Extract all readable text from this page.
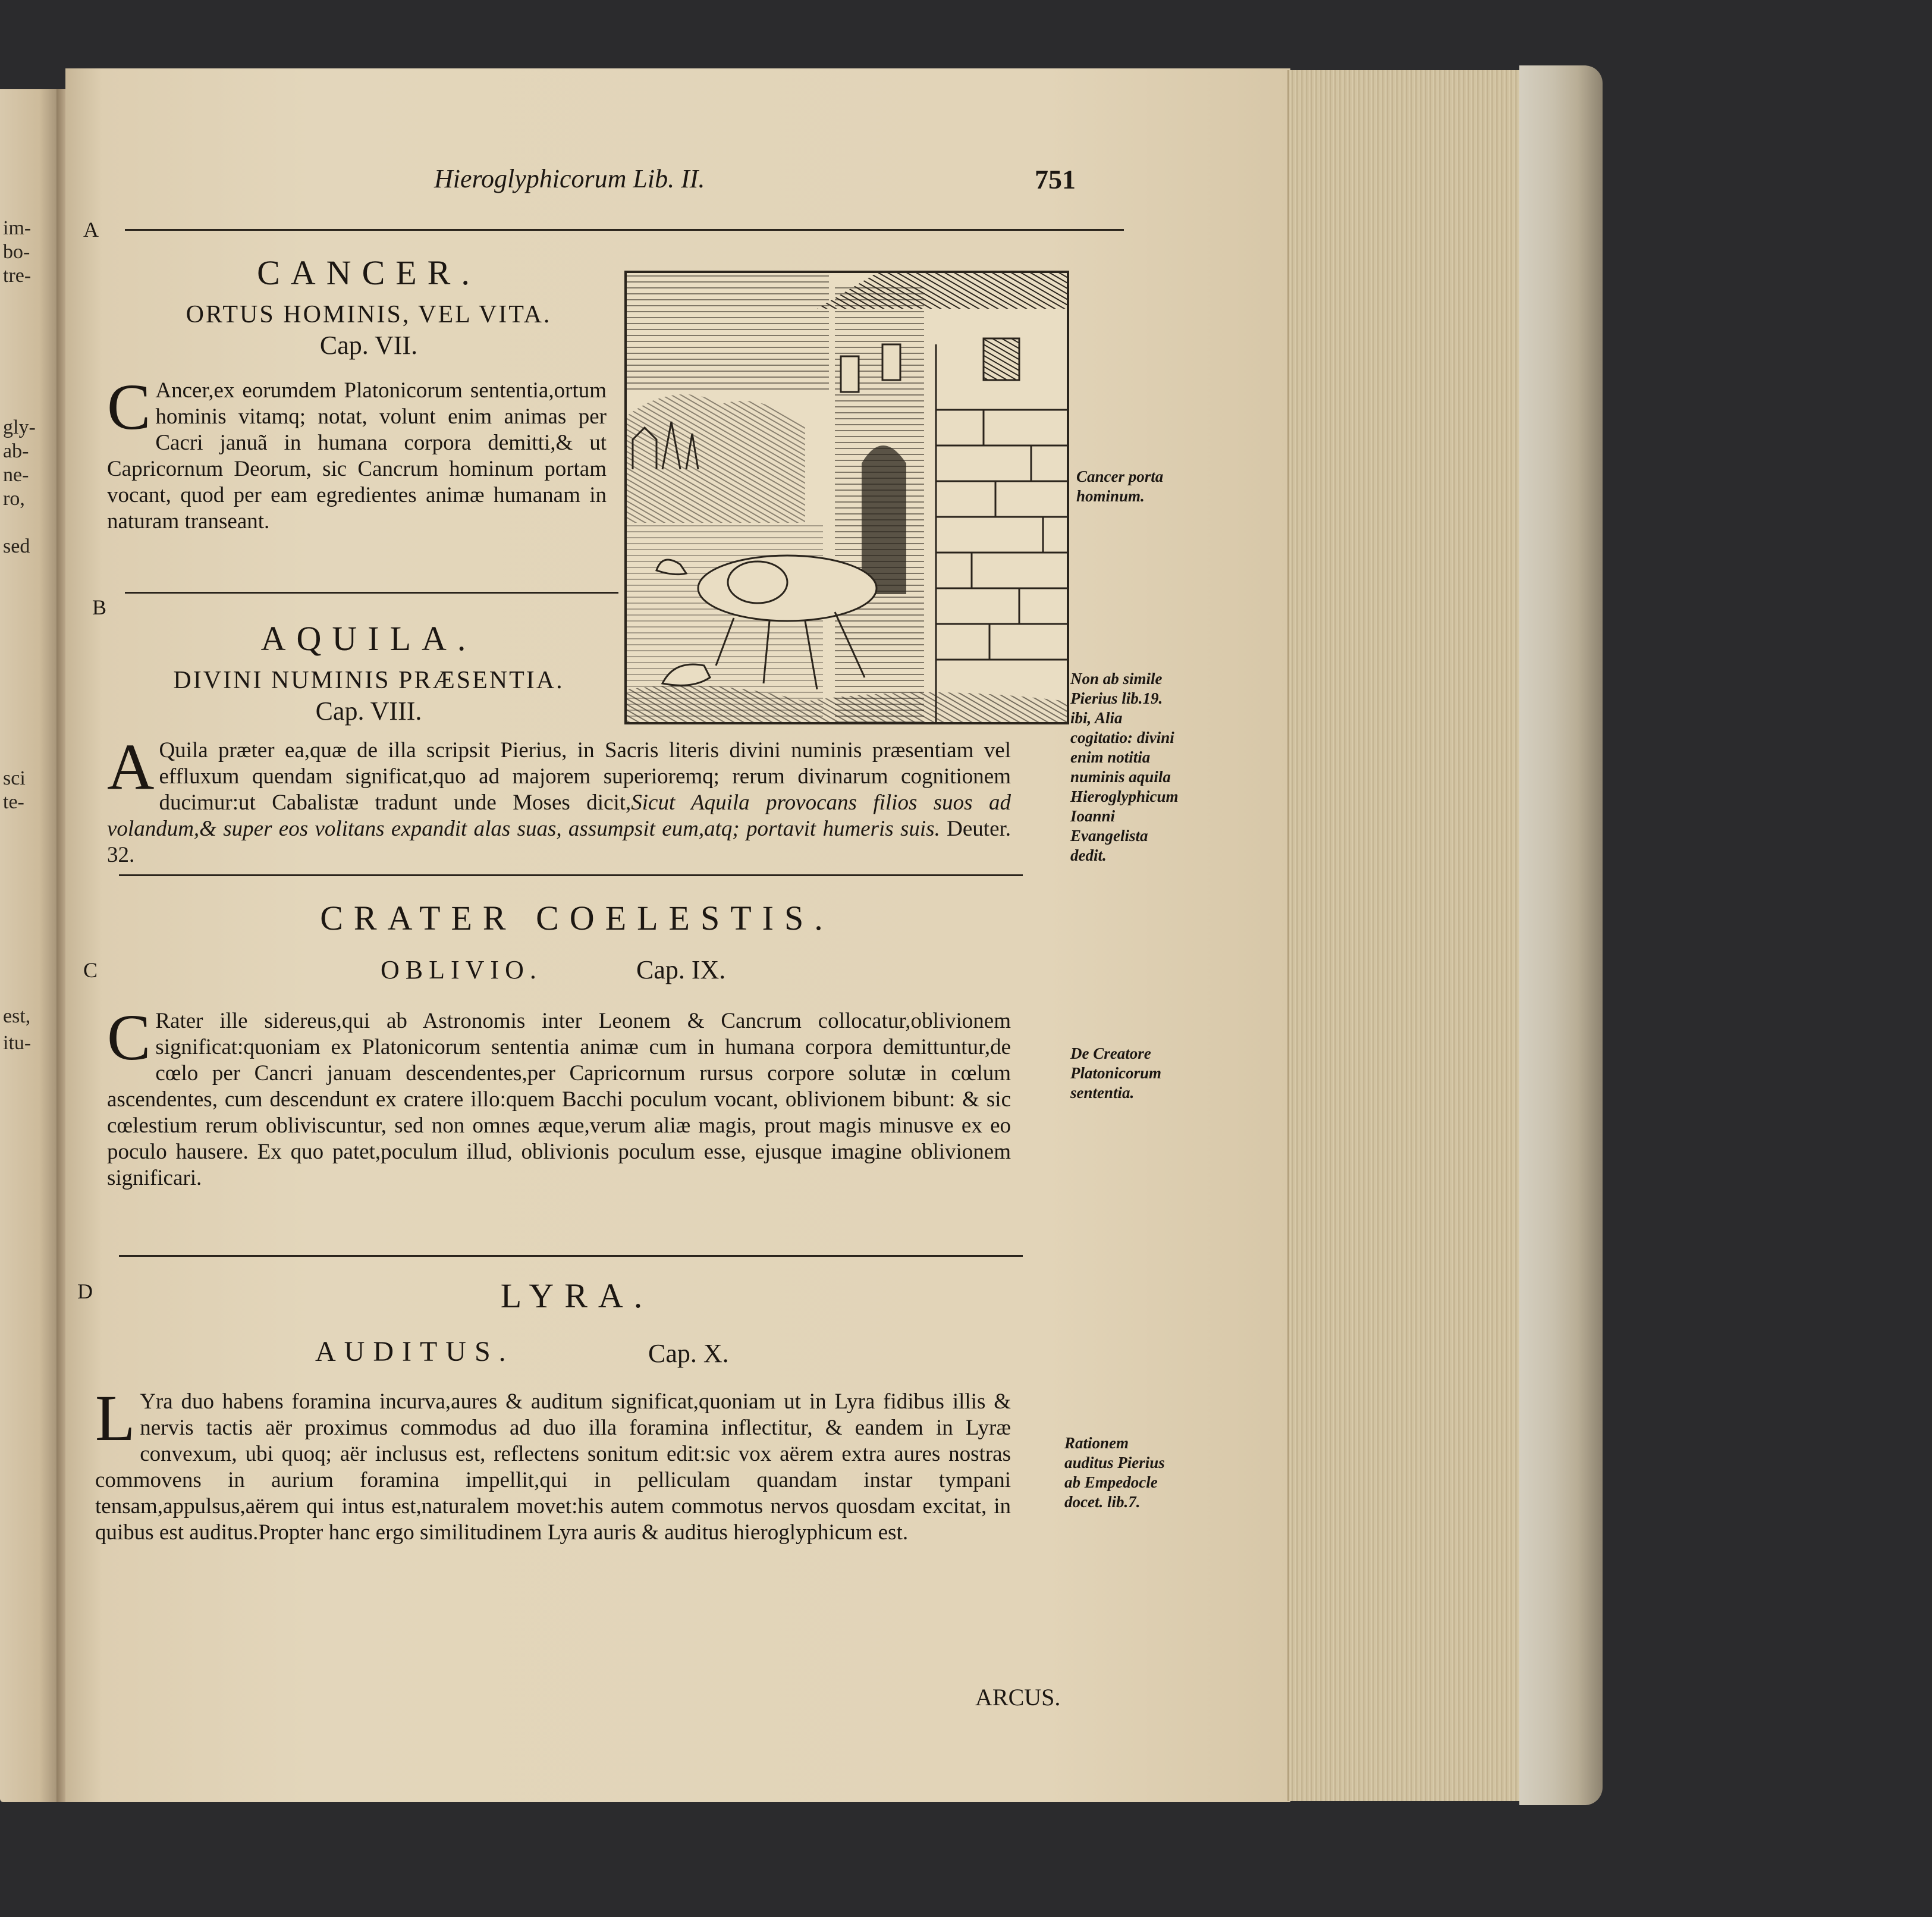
im-
bo-
tre-
gly-
ab-
ne-
ro,
sed
sci
te-
est,
itu-
Hieroglyphicorum Lib. II.	751
A
CANCER.
ORTUS HOMINIS, VEL VITA.
Cap. VII.

C Ancer,ex eorumdem Platonicorum sententia,ortum hominis vitamq; notat, volunt enim animas per Cacri januã in humana corpora demitti,& ut Capricornum Deorum, sic Cancrum hominum portam vocant, quod per eam egredientes animæ humanam in naturam transeant.

Cancer porta hominum.
B
AQUILA.
DIVINI NUMINIS PRÆSENTIA.
Cap. VIII.

A Quila præter ea,quæ de illa scripsit Pierius, in Sacris literis divini numinis præsentiam vel effluxum quendam significat,quo ad majorem superioremq; rerum divinarum cognitionem ducimur:ut Cabalistæ tradunt unde Moses dicit,Sicut Aquila provocans filios suos ad volandum,& super eos volitans expandit alas suas, assumpsit eum,atq; portavit humeris suis. Deuter. 32.

Non ab simile Pierius lib.19. ibi, Alia cogitatio: divini enim notitia numinis aquila Hieroglyphicum Ioanni Evangelista dedit.
CRATER COELESTIS.
C	OBLIVIO.	Cap. IX.

C Rater ille sidereus,qui ab Astronomis inter Leonem & Cancrum collocatur,oblivionem significat:quoniam ex Platonicorum sententia animæ cum in humana corpora demittuntur,de cœlo per Cancri januam descendentes,per Capricornum rursus corpore solutæ in cœlum ascendentes, cum descendunt ex cratere illo:quem Bacchi poculum vocant, oblivionem bibunt: & sic cœlestium rerum obliviscuntur, sed non omnes æque,verum aliæ magis, prout magis minusve ex eo poculo hausere. Ex quo patet,poculum illud, oblivionis poculum esse, ejusque imagine oblivionem significari.

De Creatore Platonicorum sententia.
D	LYRA.
AUDITUS.	Cap. X.

L Yra duo habens foramina incurva,aures & auditum significat,quoniam ut in Lyra fidibus illis & nervis tactis aër proximus commodus ad duo illa foramina inflectitur, & eandem in Lyræ convexum, ubi quoq; aër inclusus est, reflectens sonitum edit:sic vox aërem extra aures nostras commovens in aurium foramina impellit,qui in pelliculam quandam instar tympani tensam,appulsus,aërem qui intus est,naturalem movet:his autem commotus nervos quosdam excitat, in quibus est auditus.Propter hanc ergo similitudinem Lyra auris & auditus hieroglyphicum est.

Rationem auditus Pierius ab Empedocle docet. lib.7.
ARCUS.
